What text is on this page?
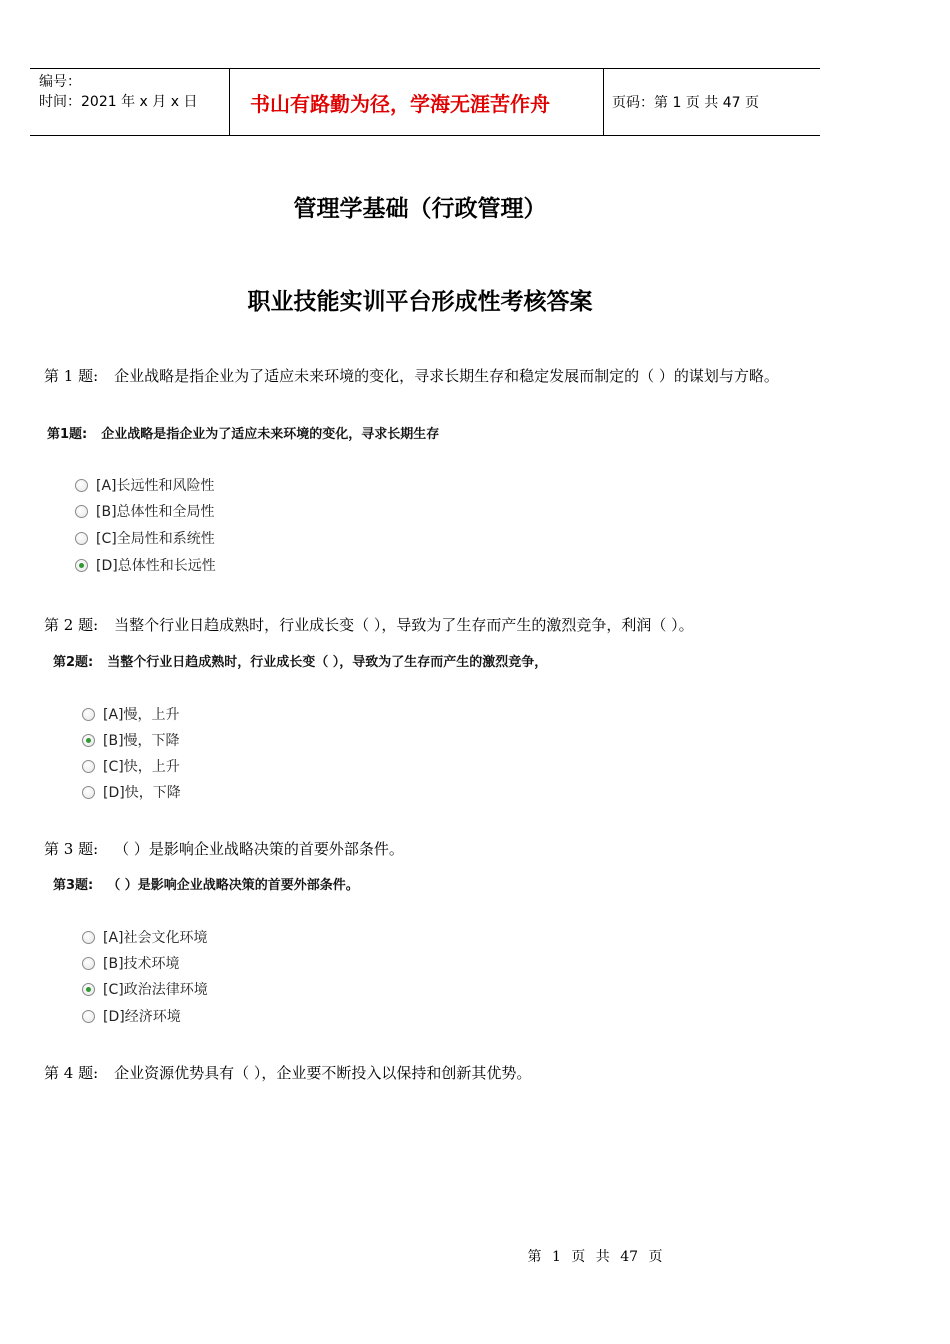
编号：
时间：2021 年 x 月 x 日	书山有路勤为径，学海无涯苦作舟	页码：第 1 页 共 47 页
管理学基础（行政管理）
职业技能实训平台形成性考核答案
第 1 题: 企业战略是指企业为了适应未来环境的变化，寻求长期生存和稳定发展而制定的（ ）的谋划与方略。
第1题: 企业战略是指企业为了适应未来环境的变化，寻求长期生存
[A]长远性和风险性
[B]总体性和全局性
[C]全局性和系统性
[D]总体性和长远性
第 2 题: 当整个行业日趋成熟时，行业成长变（ ），导致为了生存而产生的激烈竞争，利润（ ）。
第2题: 当整个行业日趋成熟时，行业成长变（ ），导致为了生存而产生的激烈竞争，
[A]慢，上升
[B]慢，下降
[C]快，上升
[D]快，下降
第 3 题: （ ）是影响企业战略决策的首要外部条件。
第3题: （ ）是影响企业战略决策的首要外部条件。
[A]社会文化环境
[B]技术环境
[C]政治法律环境
[D]经济环境
第 4 题: 企业资源优势具有（ ），企业要不断投入以保持和创新其优势。
第 1 页 共 47 页
